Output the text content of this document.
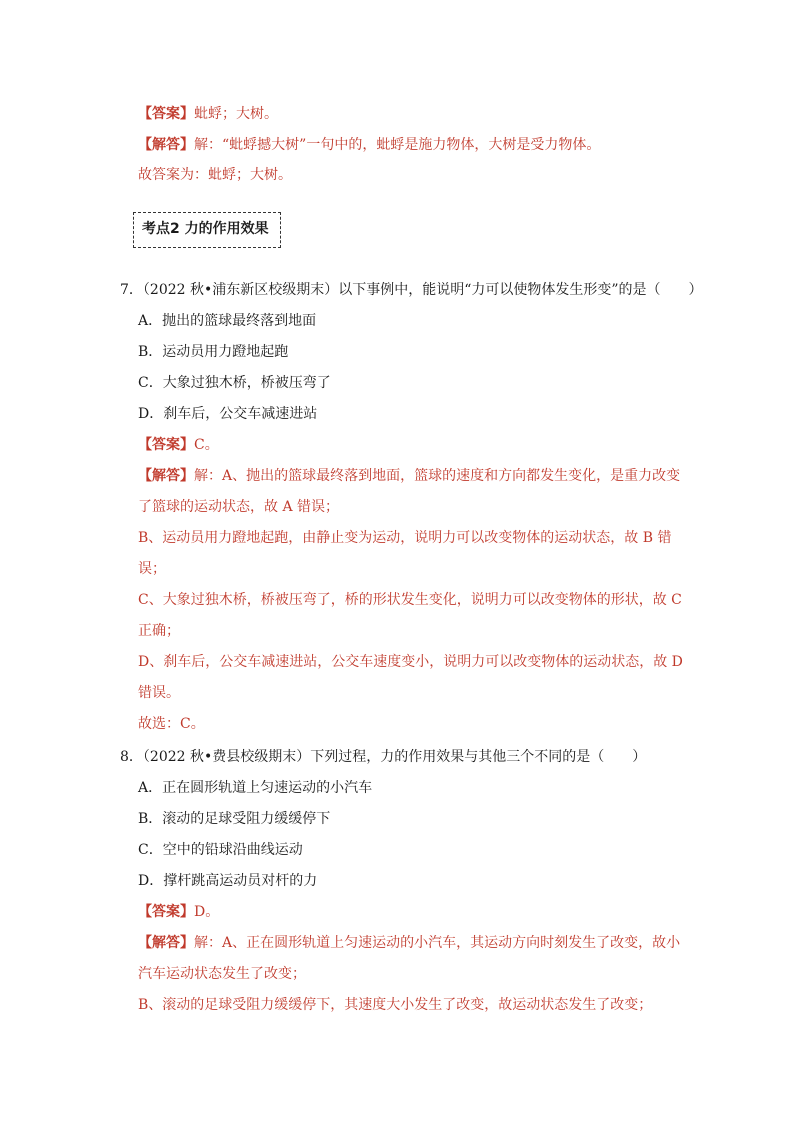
【答案】蚍蜉；大树。
【解答】解：“蚍蜉撼大树”一句中的，蚍蜉是施力物体，大树是受力物体。
故答案为：蚍蜉；大树。
考点2 力的作用效果
7．（2022 秋•浦东新区校级期末）以下事例中，能说明“力可以使物体发生形变”的是（　　）
A．抛出的篮球最终落到地面
B．运动员用力蹬地起跑
C．大象过独木桥，桥被压弯了
D．刹车后，公交车减速进站
【答案】C。
【解答】解：A、抛出的篮球最终落到地面，篮球的速度和方向都发生变化，是重力改变
了篮球的运动状态，故 A 错误；
B、运动员用力蹬地起跑，由静止变为运动，说明力可以改变物体的运动状态，故 B 错
误；
C、大象过独木桥，桥被压弯了，桥的形状发生变化，说明力可以改变物体的形状，故 C
正确；
D、刹车后，公交车减速进站，公交车速度变小，说明力可以改变物体的运动状态，故 D
错误。
故选：C。
8．（2022 秋•费县校级期末）下列过程，力的作用效果与其他三个不同的是（　　）
A．正在圆形轨道上匀速运动的小汽车
B．滚动的足球受阻力缓缓停下
C．空中的铅球沿曲线运动
D．撑杆跳高运动员对杆的力
【答案】D。
【解答】解：A、正在圆形轨道上匀速运动的小汽车，其运动方向时刻发生了改变，故小
汽车运动状态发生了改变；
B、滚动的足球受阻力缓缓停下，其速度大小发生了改变，故运动状态发生了改变；
